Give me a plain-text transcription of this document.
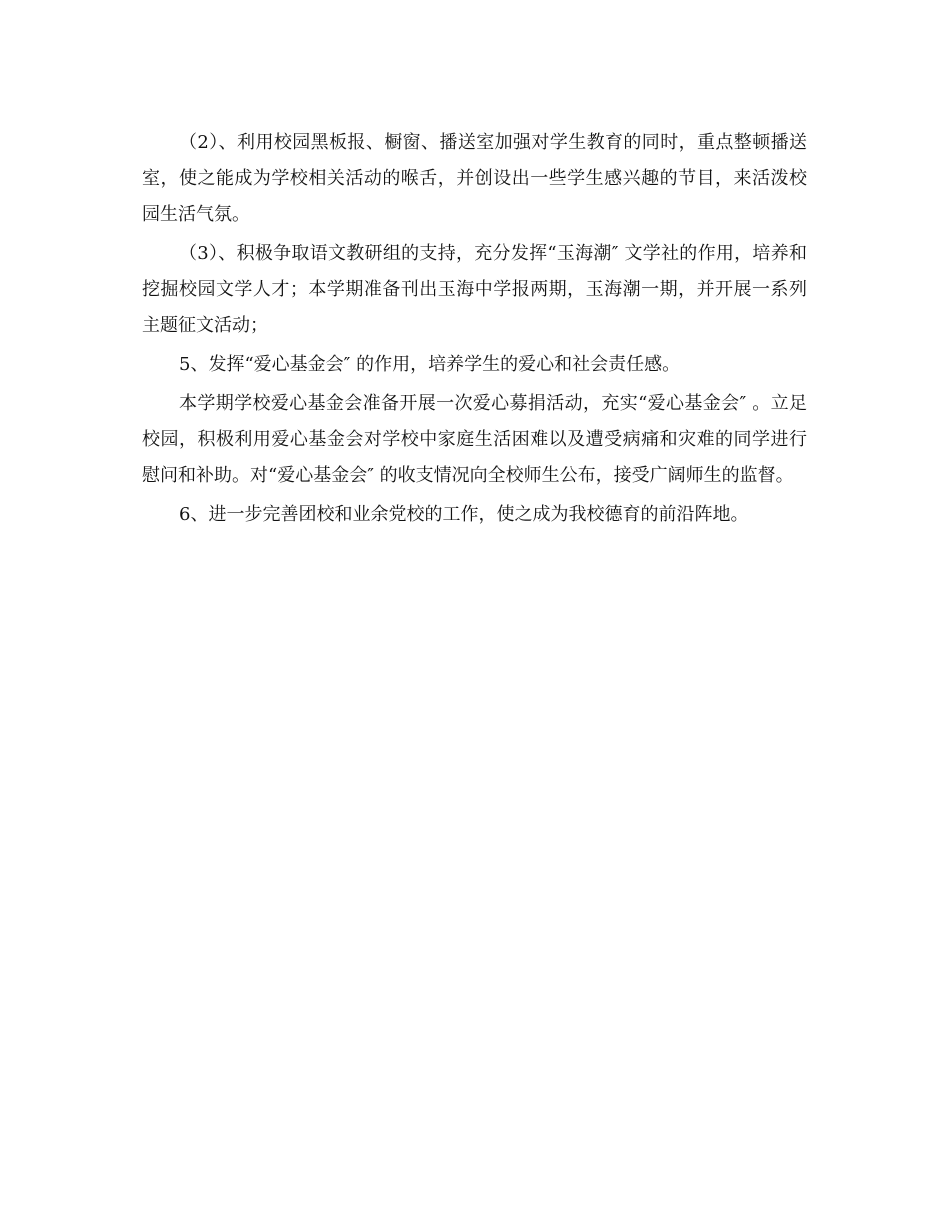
（2）、利用校园黑板报、橱窗、播送室加强对学生教育的同时，重点整顿播送室，使之能成为学校相关活动的喉舌，并创设出一些学生感兴趣的节目，来活泼校园生活气氛。

（3）、积极争取语文教研组的支持，充分发挥“玉海潮″ 文学社的作用，培养和挖掘校园文学人才；本学期准备刊出玉海中学报两期，玉海潮一期，并开展一系列主题征文活动；

5、发挥“爱心基金会″ 的作用，培养学生的爱心和社会责任感。

本学期学校爱心基金会准备开展一次爱心募捐活动，充实“爱心基金会″ 。立足校园，积极利用爱心基金会对学校中家庭生活困难以及遭受病痛和灾难的同学进行慰问和补助。对“爱心基金会″ 的收支情况向全校师生公布，接受广阔师生的监督。

6、进一步完善团校和业余党校的工作，使之成为我校德育的前沿阵地。
